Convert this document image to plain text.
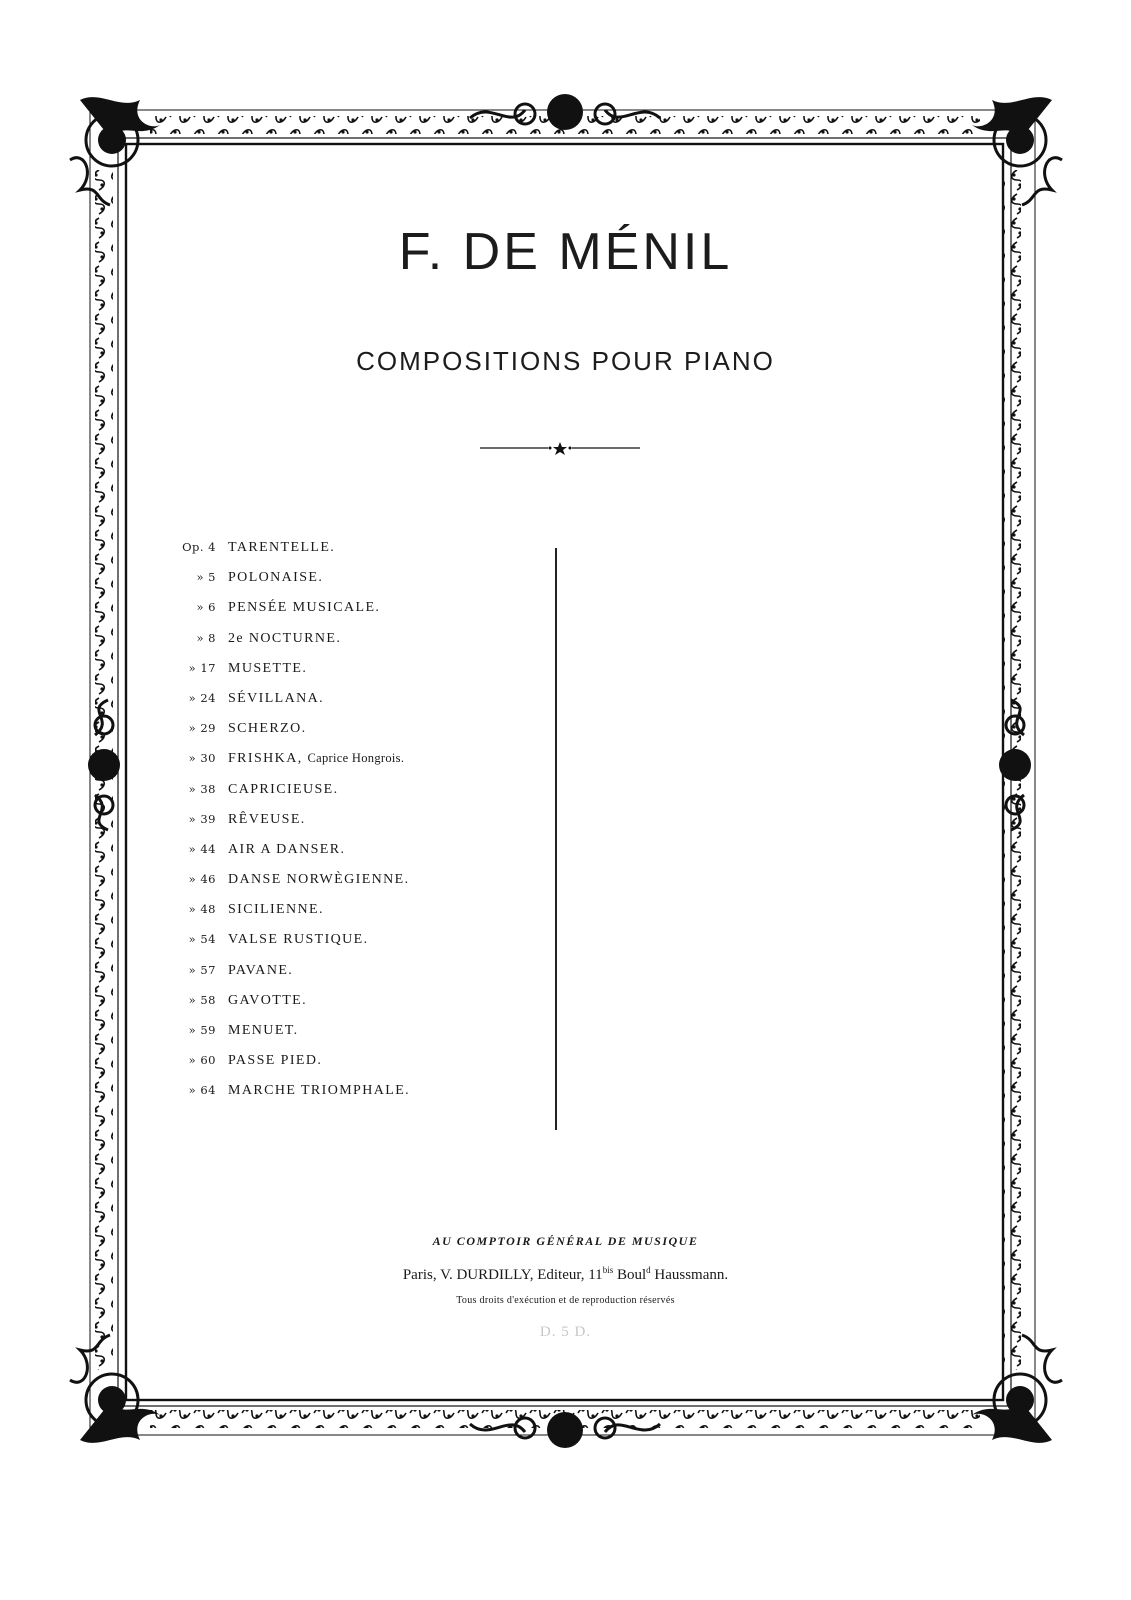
F. DE MÉNIL
COMPOSITIONS POUR PIANO
Op. 4 TARENTELLE.
» 5 POLONAISE.
» 6 PENSÉE MUSICALE.
» 8 2e NOCTURNE.
» 17 MUSETTE.
» 24 SÉVILLANA.
» 29 SCHERZO.
» 30 FRISHKA, Caprice Hongrois.
» 38 CAPRICIEUSE.
» 39 RÊVEUSE.
» 44 AIR A DANSER.
» 46 DANSE NORWÈGIENNE.
» 48 SICILIENNE.
» 54 VALSE RUSTIQUE.
» 57 PAVANE.
» 58 GAVOTTE.
» 59 MENUET.
» 60 PASSE PIED.
» 64 MARCHE TRIOMPHALE.
AU COMPTOIR GÉNÉRAL DE MUSIQUE
Paris, V. DURDILLY, Editeur, $11^{bis}$ Boul$^d$ Haussmann.
Tous droits d'exécution et de reproduction réservés
D. 5 D.
